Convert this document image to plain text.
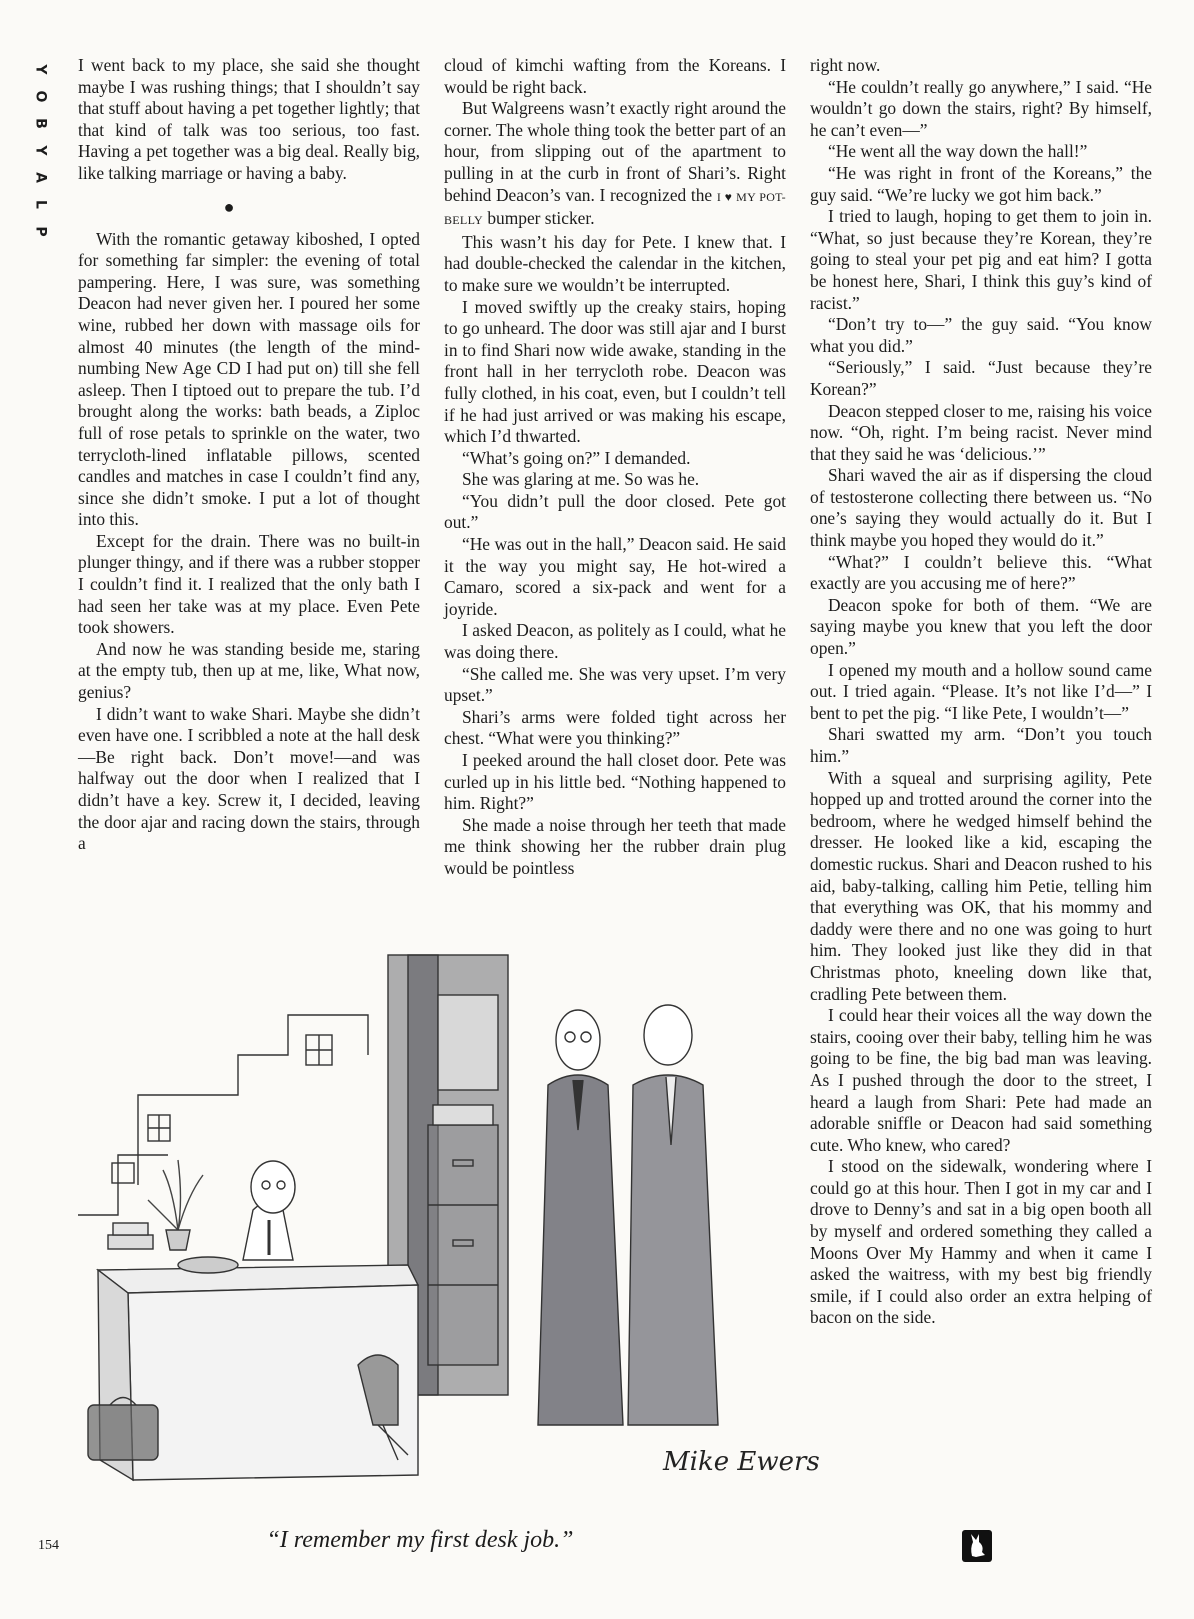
Y
O
B
Y
A
L
P

I went back to my place, she said she thought maybe I was rushing things; that I shouldn’t say that stuff about having a pet together lightly; that that kind of talk was too serious, too fast. Having a pet together was a big deal. Really big, like talking marriage or having a baby.

●

With the romantic getaway kiboshed, I opted for something far simpler: the evening of total pampering. Here, I was sure, was something Deacon had never given her. I poured her some wine, rubbed her down with massage oils for almost 40 minutes (the length of the mind-numbing New Age CD I had put on) till she fell asleep. Then I tiptoed out to prepare the tub. I’d brought along the works: bath beads, a Ziploc full of rose petals to sprinkle on the water, two terrycloth-lined inflatable pillows, scented candles and matches in case I couldn’t find any, since she didn’t smoke. I put a lot of thought into this.

Except for the drain. There was no built-in plunger thingy, and if there was a rubber stopper I couldn’t find it. I realized that the only bath I had seen her take was at my place. Even Pete took showers.

And now he was standing beside me, staring at the empty tub, then up at me, like, What now, genius?

I didn’t want to wake Shari. Maybe she didn’t even have one. I scribbled a note at the hall desk—Be right back. Don’t move!—and was halfway out the door when I realized that I didn’t have a key. Screw it, I decided, leaving the door ajar and racing down the stairs, through a

cloud of kimchi wafting from the Koreans. I would be right back.

But Walgreens wasn’t exactly right around the corner. The whole thing took the better part of an hour, from slipping out of the apartment to pulling in at the curb in front of Shari’s. Right behind Deacon’s van. I recognized the I ♥ MY POT-BELLY bumper sticker.

This wasn’t his day for Pete. I knew that. I had double-checked the calendar in the kitchen, to make sure we wouldn’t be interrupted.

I moved swiftly up the creaky stairs, hoping to go unheard. The door was still ajar and I burst in to find Shari now wide awake, standing in the front hall in her terrycloth robe. Deacon was fully clothed, in his coat, even, but I couldn’t tell if he had just arrived or was making his escape, which I’d thwarted.

“What’s going on?” I demanded.

She was glaring at me. So was he.

“You didn’t pull the door closed. Pete got out.”

“He was out in the hall,” Deacon said. He said it the way you might say, He hot-wired a Camaro, scored a six-pack and went for a joyride.

I asked Deacon, as politely as I could, what he was doing there.

“She called me. She was very upset. I’m very upset.”

Shari’s arms were folded tight across her chest. “What were you thinking?”

I peeked around the hall closet door. Pete was curled up in his little bed. “Nothing happened to him. Right?”

She made a noise through her teeth that made me think showing her the rubber drain plug would be pointless

right now.

“He couldn’t really go anywhere,” I said. “He wouldn’t go down the stairs, right? By himself, he can’t even—”

“He went all the way down the hall!”

“He was right in front of the Koreans,” the guy said. “We’re lucky we got him back.”

I tried to laugh, hoping to get them to join in. “What, so just because they’re Korean, they’re going to steal your pet pig and eat him? I gotta be honest here, Shari, I think this guy’s kind of racist.”

“Don’t try to—” the guy said. “You know what you did.”

“Seriously,” I said. “Just because they’re Korean?”

Deacon stepped closer to me, raising his voice now. “Oh, right. I’m being racist. Never mind that they said he was ‘delicious.’”

Shari waved the air as if dispersing the cloud of testosterone collecting there between us. “No one’s saying they would actually do it. But I think maybe you hoped they would do it.”

“What?” I couldn’t believe this. “What exactly are you accusing me of here?”

Deacon spoke for both of them. “We are saying maybe you knew that you left the door open.”

I opened my mouth and a hollow sound came out. I tried again. “Please. It’s not like I’d—” I bent to pet the pig. “I like Pete, I wouldn’t—”

Shari swatted my arm. “Don’t you touch him.”

With a squeal and surprising agility, Pete hopped up and trotted around the corner into the bedroom, where he wedged himself behind the dresser. He looked like a kid, escaping the domestic ruckus. Shari and Deacon rushed to his aid, baby-talking, calling him Petie, telling him that everything was OK, that his mommy and daddy were there and no one was going to hurt him. They looked just like they did in that Christmas photo, kneeling down like that, cradling Pete between them.

I could hear their voices all the way down the stairs, cooing over their baby, telling him he was going to be fine, the big bad man was leaving. As I pushed through the door to the street, I heard a laugh from Shari: Pete had made an adorable sniffle or Deacon had said something cute. Who knew, who cared?

I stood on the sidewalk, wondering where I could go at this hour. Then I got in my car and I drove to Denny’s and sat in a big open booth all by myself and ordered something they called a Moons Over My Hammy and when it came I asked the waitress, with my best big friendly smile, if I could also order an extra helping of bacon on the side.

Mike Ewers
“I remember my first desk job.”
154
